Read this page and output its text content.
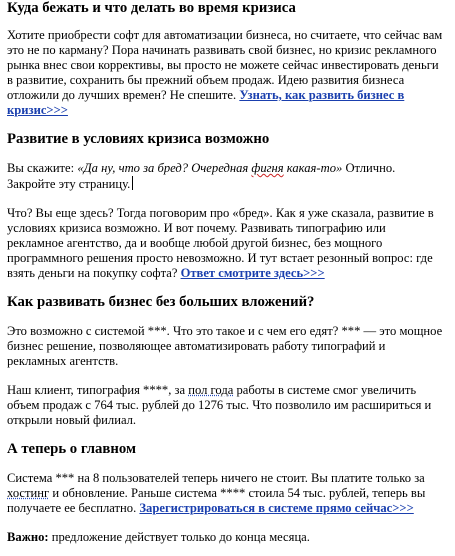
Куда бежать и что делать во время кризиса

Хотите приобрести софт для автоматизации бизнеса, но считаете, что сейчас вам это не по карману? Пора начинать развивать свой бизнес, но кризис рекламного рынка внес свои коррективы, вы просто не можете сейчас инвестировать деньги в развитие, сохранить бы прежний объем продаж. Идею развития бизнеса отложили до лучших времен? Не спешите. Узнать, как развить бизнес в кризис>>>

Развитие в условиях кризиса возможно

Вы скажите: «Да ну, что за бред? Очередная фигня какая-то» Отлично. Закройте эту страницу.

Что? Вы еще здесь? Тогда поговорим про «бред». Как я уже сказала, развитие в условиях кризиса возможно. И вот почему. Развивать типографию или рекламное агентство, да и вообще любой другой бизнес, без мощного программного решения просто невозможно. И тут встает резонный вопрос: где взять деньги на покупку софта? Ответ смотрите здесь>>>

Как развивать бизнес без больших вложений?

Это возможно с системой ***. Что это такое и с чем его едят? *** — это мощное бизнес решение, позволяющее автоматизировать работу типографий и рекламных агентств.

Наш клиент, типография ****, за пол года работы в системе смог увеличить объем продаж с 764 тыс. рублей до 1276 тыс. Что позволило им расшириться и открыли новый филиал.

А теперь о главном

Система *** на 8 пользователей теперь ничего не стоит. Вы платите только за хостинг и обновление. Раньше система **** стоила 54 тыс. рублей, теперь вы получаете ее бесплатно. Зарегистрироваться в системе прямо сейчас>>>

Важно: предложение действует только до конца месяца.
